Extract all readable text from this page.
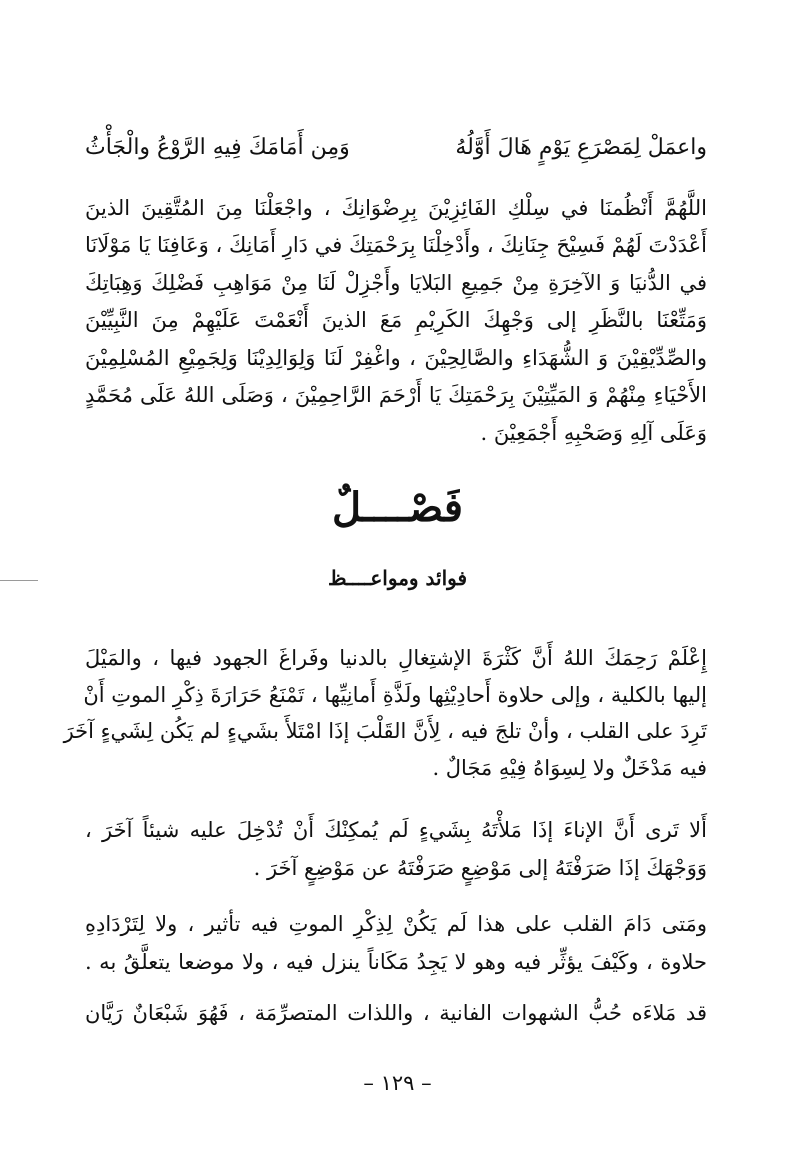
واعمَلْ لِمَصْرَعِ يَوْمٍ هَالَ أَوَّلُهُ
وَمِن أَمَامَكَ فِيهِ الرَّوْعُ والْجَأْثُ
اللَّهُمَّ أَنْظُمنَا في سِلْكِ الفَائِزِيْنَ بِرِضْوَانِكَ ، واجْعَلْنَا مِنَ المُتَّقِينَ الذينَ
أَعْدَدْتَ لَهُمْ فَسِيْحَ جِنَانِكَ ، وأَدْخِلْنَا بِرَحْمَتِكَ في دَارِ أَمَانِكَ ، وَعَافِنَا يَا مَوْلَانَا
في الدُّنيَا وَ الآخِرَةِ مِنْ جَمِيعِ البَلايَا وأَجْزِلْ لَنَا مِنْ مَوَاهِبِ فَضْلِكَ وَهِبَاتِكَ
وَمَتِّعْنَا بالنَّظَرِ إلى وَجْهِكَ الكَرِيْمِ مَعَ الذينَ أَنْعَمْتَ عَلَيْهِمْ مِنَ النَّبِيِّيْنَ
والصِّدِّيْقِيْنَ وَ الشُّهَدَاءِ والصَّالِحِيْنَ ، واغْفِرْ لَنَا وَلِوَالِدِيْنَا وَلِجَمِيْعِ المُسْلِمِيْنَ
الأَحْيَاءِ مِنْهُمْ وَ المَيِّتِيْنَ بِرَحْمَتِكَ يَا أَرْحَمَ الرَّاحِمِيْنَ ، وَصَلَى اللهُ عَلَى مُحَمَّدٍ
وَعَلَى آلِهِ وَصَحْبِهِ أَجْمَعِيْنَ .
فَصْــــلٌ
فوائد ومواعــــظ
إِعْلَمْ رَحِمَكَ اللهُ أَنَّ كَثْرَةَ الإشتِغالِ بالدنيا وفَراغَ الجهود فيها ، والمَيْلَ
إليها بالكلية ، وإلى حلاوة أَحادِيْثِها ولَذَّةِ أَمانِيِّها ، تَمْنَعُ حَرَارَةَ ذِكْرِ الموتِ أَنْ
تَرِدَ على القلب ، وأنْ تلجَ فيه ، لِأَنَّ القَلْبَ إذَا امْتَلأَ بشَيءٍ لم يَكُن لِشَيءٍ آخَرَ
فيه مَدْخَلٌ ولا لِسِوَاهُ فِيْهِ مَجَالٌ .
أَلا تَرى أَنَّ الإناءَ إذَا مَلأْتَهُ بِشَيءٍ لَم يُمكِنْكَ أَنْ تُدْخِلَ عليه شيئاً آخَرَ ،
وَوَجْهَكَ إذَا صَرَفْتَهُ إلى مَوْضِعٍ صَرَفْتَهُ عن مَوْضِعٍ آخَرَ .
ومَتى دَامَ القلب على هذا لَم يَكُنْ لِذِكْرِ الموتِ فيه تأثير ، ولا لِتَرْدَادِهِ
حلاوة ، وكَيْفَ يؤثِّر فيه وهو لا يَجِدُ مَكَاناً ينزل فيه ، ولا موضعا يتعلَّقُ به .
قد مَلاءَه حُبُّ الشهوات الفانية ، واللذات المتصرِّمَة ، فَهُوَ شَبْعَانٌ رَيَّان
– ١٢٩ –
